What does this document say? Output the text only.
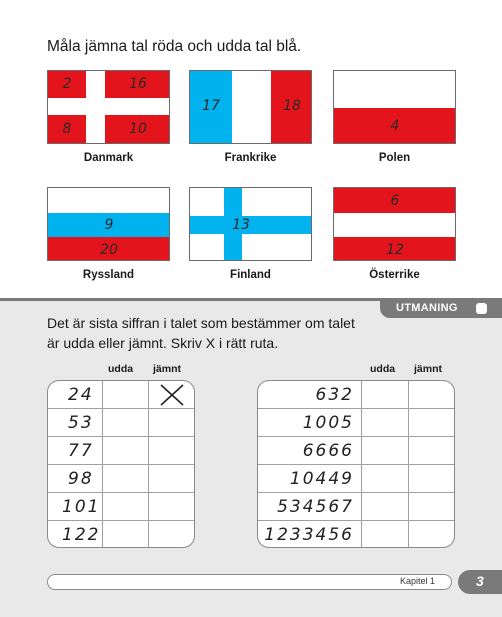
Måla jämna tal röda och udda tal blå.
2	16
8	10
Danmark
17	18
Frankrike
4
Polen
9
20
Ryssland
13
Finland
6
12
Österrike
UTMANING
Det är sista siffran i talet som bestämmer om talet är udda eller jämnt. Skriv X i rätt ruta.
udda jämnt
24
53
77
98
101
122
udda jämnt
632
1005
6666
10449
534567
1233456
Kapitel 1	3
